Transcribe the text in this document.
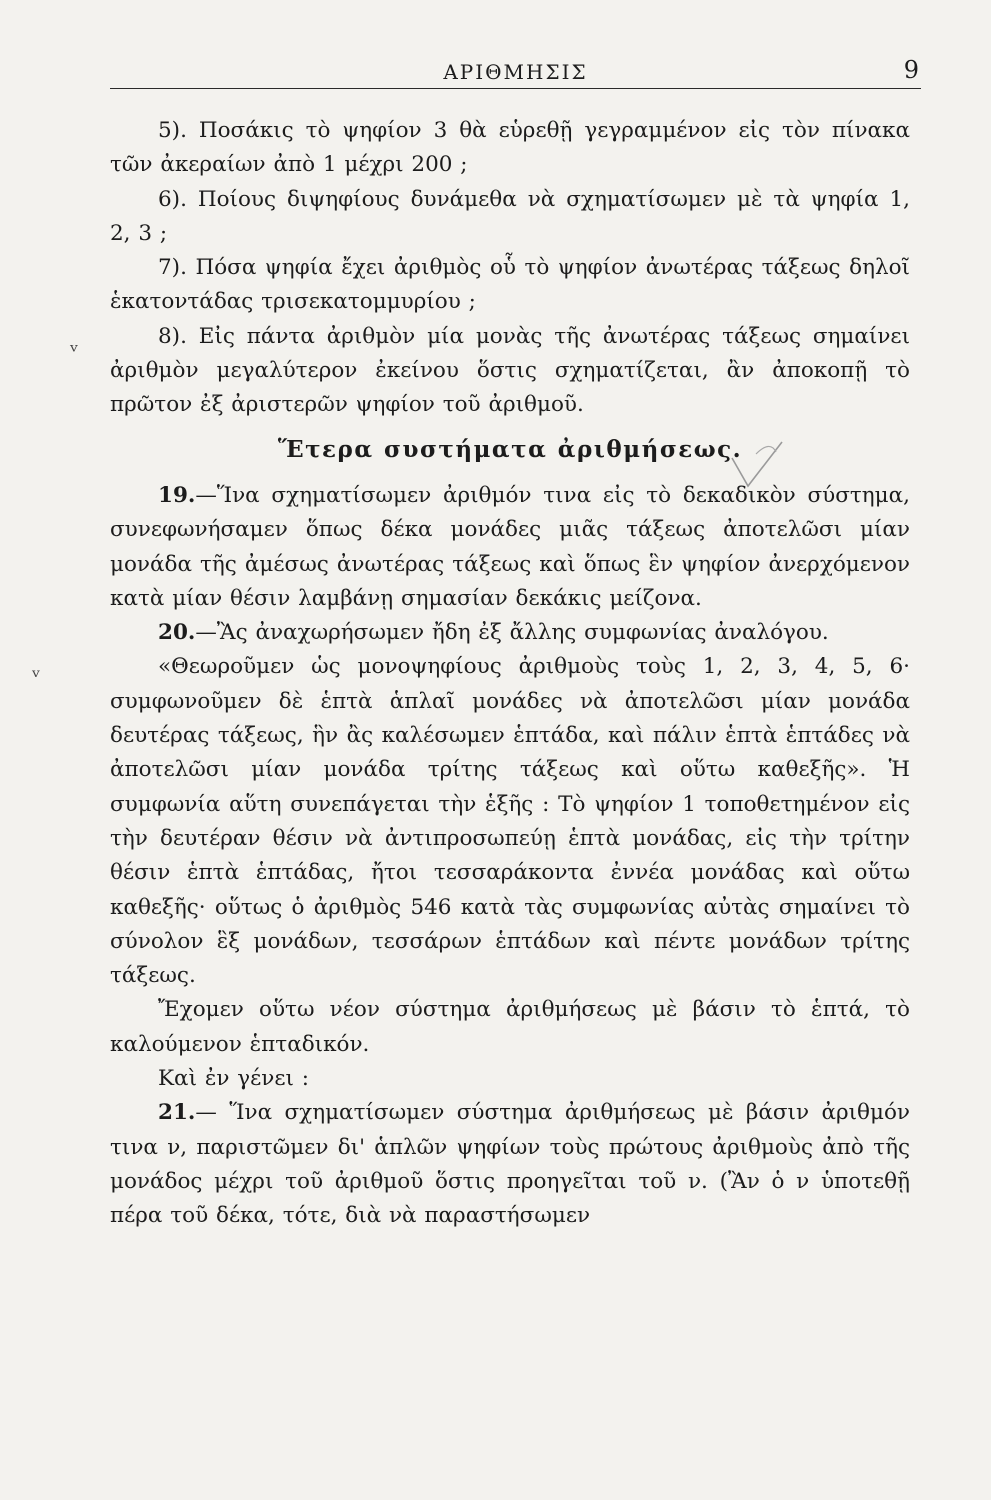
ΑΡΙΘΜΗΣΙΣ	9
ᵛ
ᵥ

5). Ποσάκις τὸ ψηφίον 3 θὰ εὑρεθῇ γεγραμμένον εἰς τὸν πίνακα τῶν ἀκεραίων ἀπὸ 1 μέχρι 200 ;

6). Ποίους διψηφίους δυνάμεθα νὰ σχηματίσωμεν μὲ τὰ ψηφία 1, 2, 3 ;

7). Πόσα ψηφία ἔχει ἀριθμὸς οὗ τὸ ψηφίον ἀνωτέρας τάξεως δηλοῖ ἑκατοντάδας τρισεκατομμυρίου ;

8). Εἰς πάντα ἀριθμὸν μία μονὰς τῆς ἀνωτέρας τάξεως σημαίνει ἀριθμὸν μεγαλύτερον ἐκείνου ὅστις σχηματίζεται, ἂν ἀποκοπῇ τὸ πρῶτον ἐξ ἀριστερῶν ψηφίον τοῦ ἀριθμοῦ.

Ἕτερα συστήματα ἀριθμήσεως.

19.—Ἵνα σχηματίσωμεν ἀριθμόν τινα εἰς τὸ δεκαδικὸν σύστημα, συνεφωνήσαμεν ὅπως δέκα μονάδες μιᾶς τάξεως ἀποτελῶσι μίαν μονάδα τῆς ἀμέσως ἀνωτέρας τάξεως καὶ ὅπως ἓν ψηφίον ἀνερχόμενον κατὰ μίαν θέσιν λαμβάνῃ σημασίαν δεκάκις μείζονα.

20.—Ἂς ἀναχωρήσωμεν ἤδη ἐξ ἄλλης συμφωνίας ἀναλόγου.

«Θεωροῦμεν ὡς μονοψηφίους ἀριθμοὺς τοὺς 1, 2, 3, 4, 5, 6· συμφωνοῦμεν δὲ ἑπτὰ ἁπλαῖ μονάδες νὰ ἀποτελῶσι μίαν μονάδα δευτέρας τάξεως, ἣν ἂς καλέσωμεν ἑπτάδα, καὶ πάλιν ἑπτὰ ἑπτάδες νὰ ἀποτελῶσι μίαν μονάδα τρίτης τάξεως καὶ οὕτω καθεξῆς». Ἡ συμφωνία αὕτη συνεπάγεται τὴν ἑξῆς : Τὸ ψηφίον 1 τοποθετημένον εἰς τὴν δευτέραν θέσιν νὰ ἀντιπροσωπεύῃ ἑπτὰ μονάδας, εἰς τὴν τρίτην θέσιν ἑπτὰ ἑπτάδας, ἤτοι τεσσαράκοντα ἐννέα μονάδας καὶ οὕτω καθεξῆς· οὕτως ὁ ἀριθμὸς 546 κατὰ τὰς συμφωνίας αὐτὰς σημαίνει τὸ σύνολον ἓξ μονάδων, τεσσάρων ἑπτάδων καὶ πέντε μονάδων τρίτης τάξεως.

Ἔχομεν οὕτω νέον σύστημα ἀριθμήσεως μὲ βάσιν τὸ ἑπτά, τὸ καλούμενον ἑπταδικόν.

Καὶ ἐν γένει :

21.— Ἵνα σχηματίσωμεν σύστημα ἀριθμήσεως μὲ βάσιν ἀριθμόν τινα ν, παριστῶμεν δι' ἁπλῶν ψηφίων τοὺς πρώτους ἀριθμοὺς ἀπὸ τῆς μονάδος μέχρι τοῦ ἀριθμοῦ ὅστις προηγεῖται τοῦ ν. (Ἂν ὁ ν ὑποτεθῇ πέρα τοῦ δέκα, τότε, διὰ νὰ παραστήσωμεν
